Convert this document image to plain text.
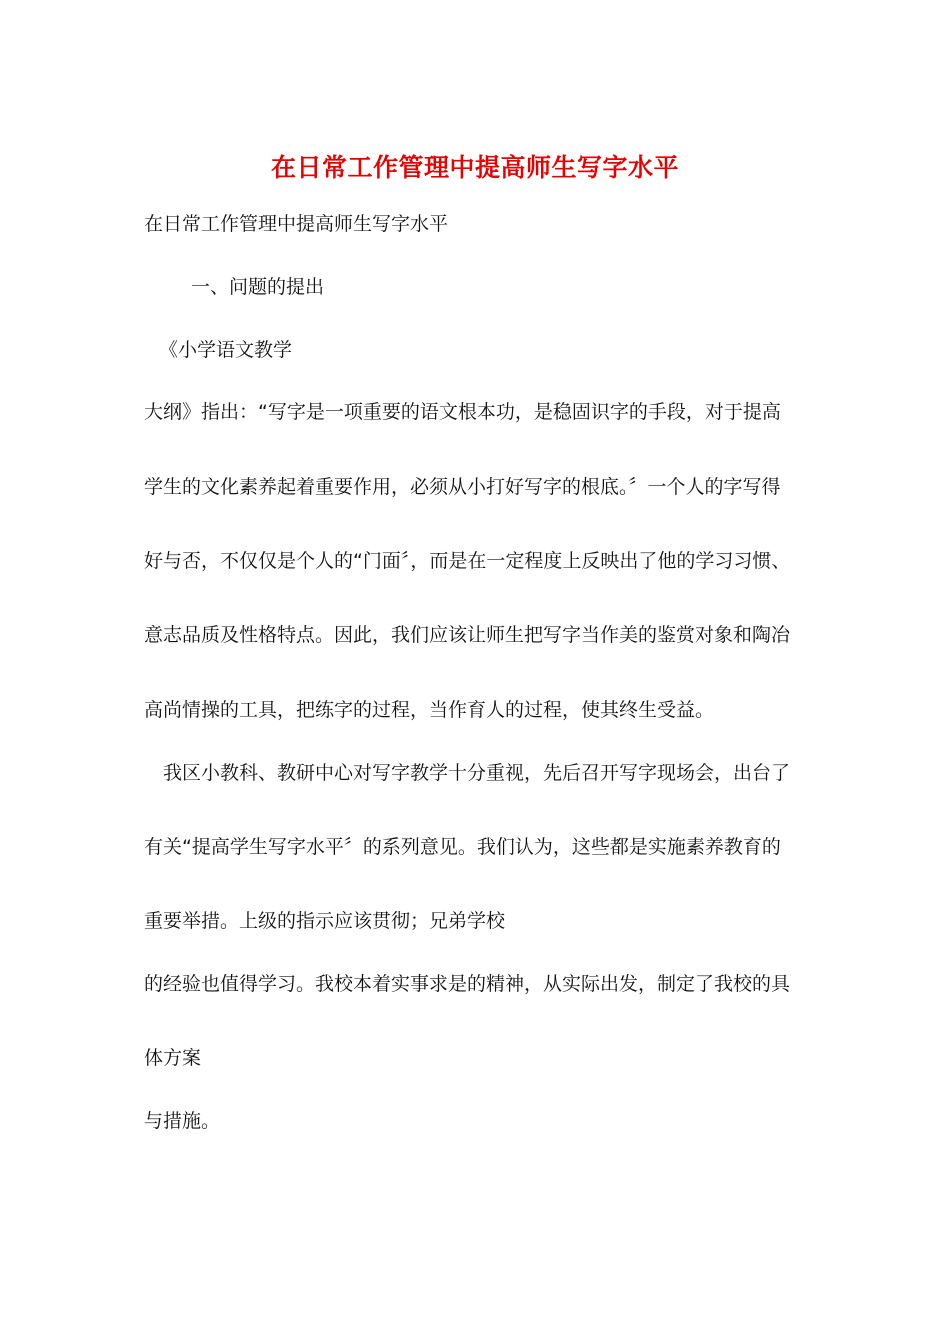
在日常工作管理中提高师生写字水平
在日常工作管理中提高师生写字水平
一、问题的提出
《小学语文教学
大纲》指出：“写字是一项重要的语文根本功，是稳固识字的手段，对于提高
学生的文化素养起着重要作用，必须从小打好写字的根底。〞一个人的字写得
好与否，不仅仅是个人的“门面〞，而是在一定程度上反映出了他的学习习惯、
意志品质及性格特点。因此，我们应该让师生把写字当作美的鉴赏对象和陶冶
高尚情操的工具，把练字的过程，当作育人的过程，使其终生受益。
我区小教科、教研中心对写字教学十分重视，先后召开写字现场会，出台了
有关“提高学生写字水平〞的系列意见。我们认为，这些都是实施素养教育的
重要举措。上级的指示应该贯彻；兄弟学校
的经验也值得学习。我校本着实事求是的精神，从实际出发，制定了我校的具
体方案
与措施。
